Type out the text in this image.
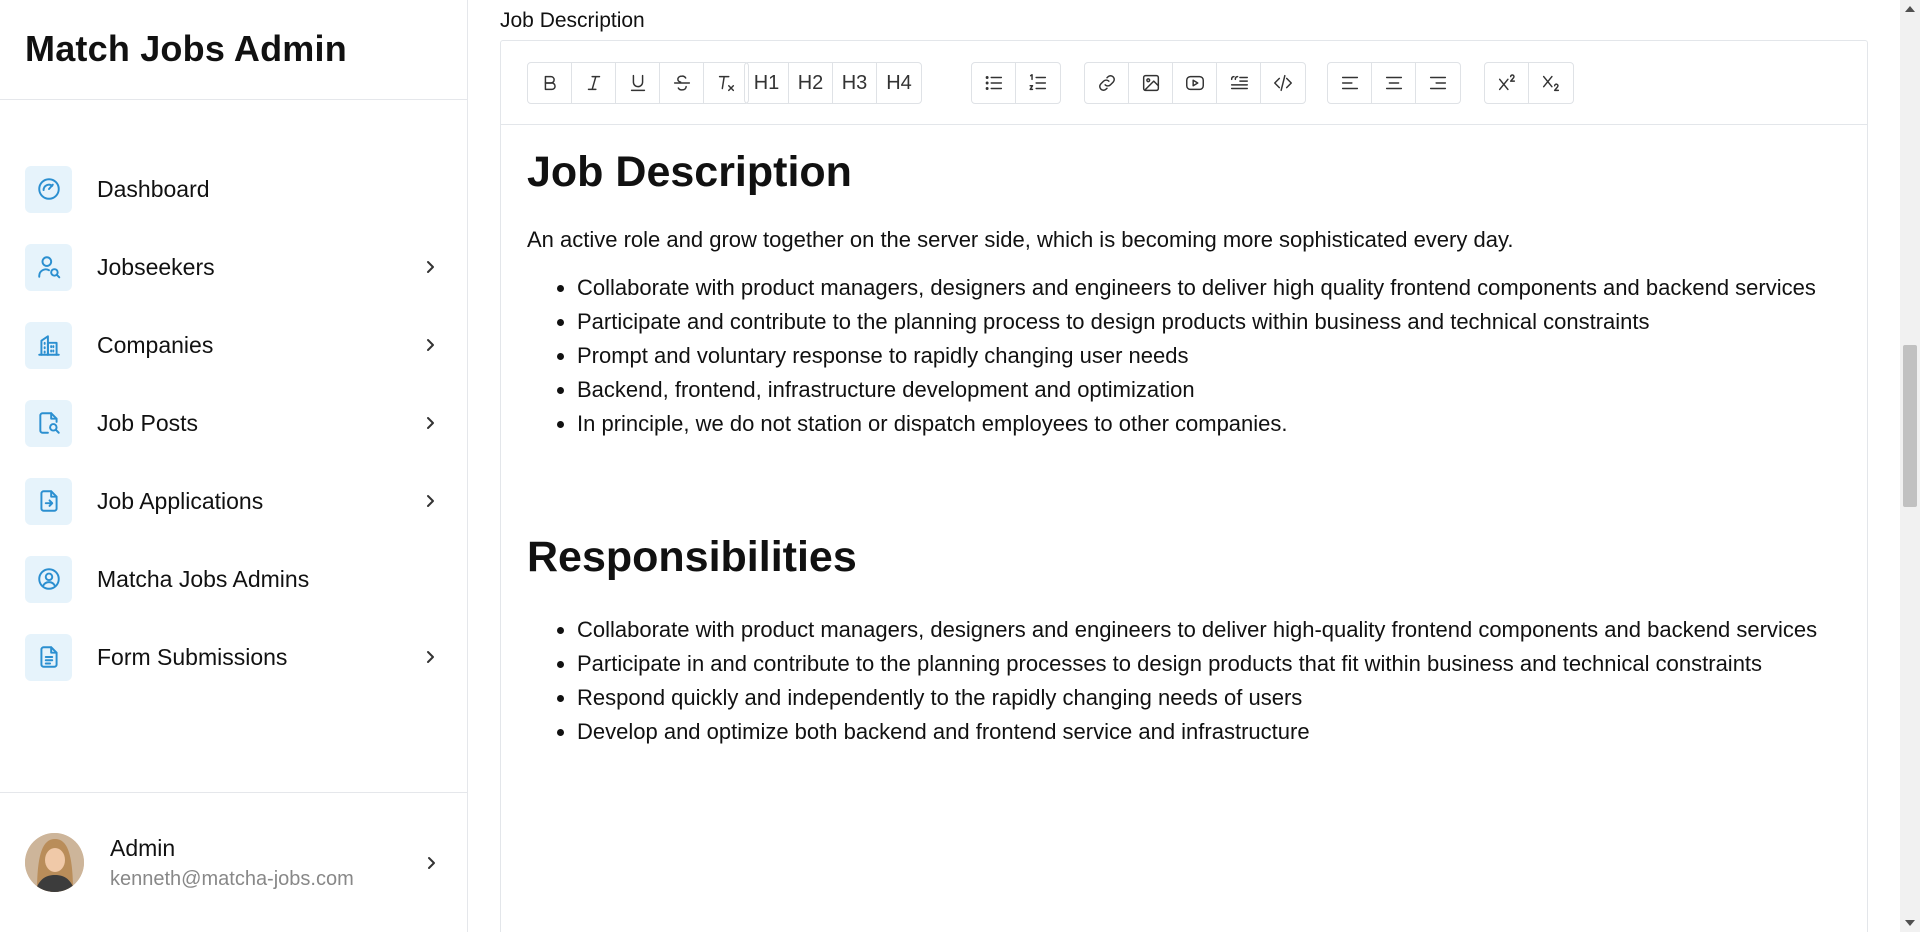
Match Jobs Admin
Dashboard
Jobseekers
Companies
Job Posts
Job Applications
Matcha Jobs Admins
Form Submissions
Admin
kenneth@matcha-jobs.com
Job Description
H1 H2 H3 H4
Job Description

An active role and grow together on the server side, which is becoming more sophisticated every day.

• Collaborate with product managers, designers and engineers to deliver high quality frontend components and backend services
• Participate and contribute to the planning process to design products within business and technical constraints
• Prompt and voluntary response to rapidly changing user needs
• Backend, frontend, infrastructure development and optimization
• In principle, we do not station or dispatch employees to other companies.
Responsibilities
• Collaborate with product managers, designers and engineers to deliver high-quality frontend components and backend services
• Participate in and contribute to the planning processes to design products that fit within business and technical constraints
• Respond quickly and independently to the rapidly changing needs of users
• Develop and optimize both backend and frontend service and infrastructure
